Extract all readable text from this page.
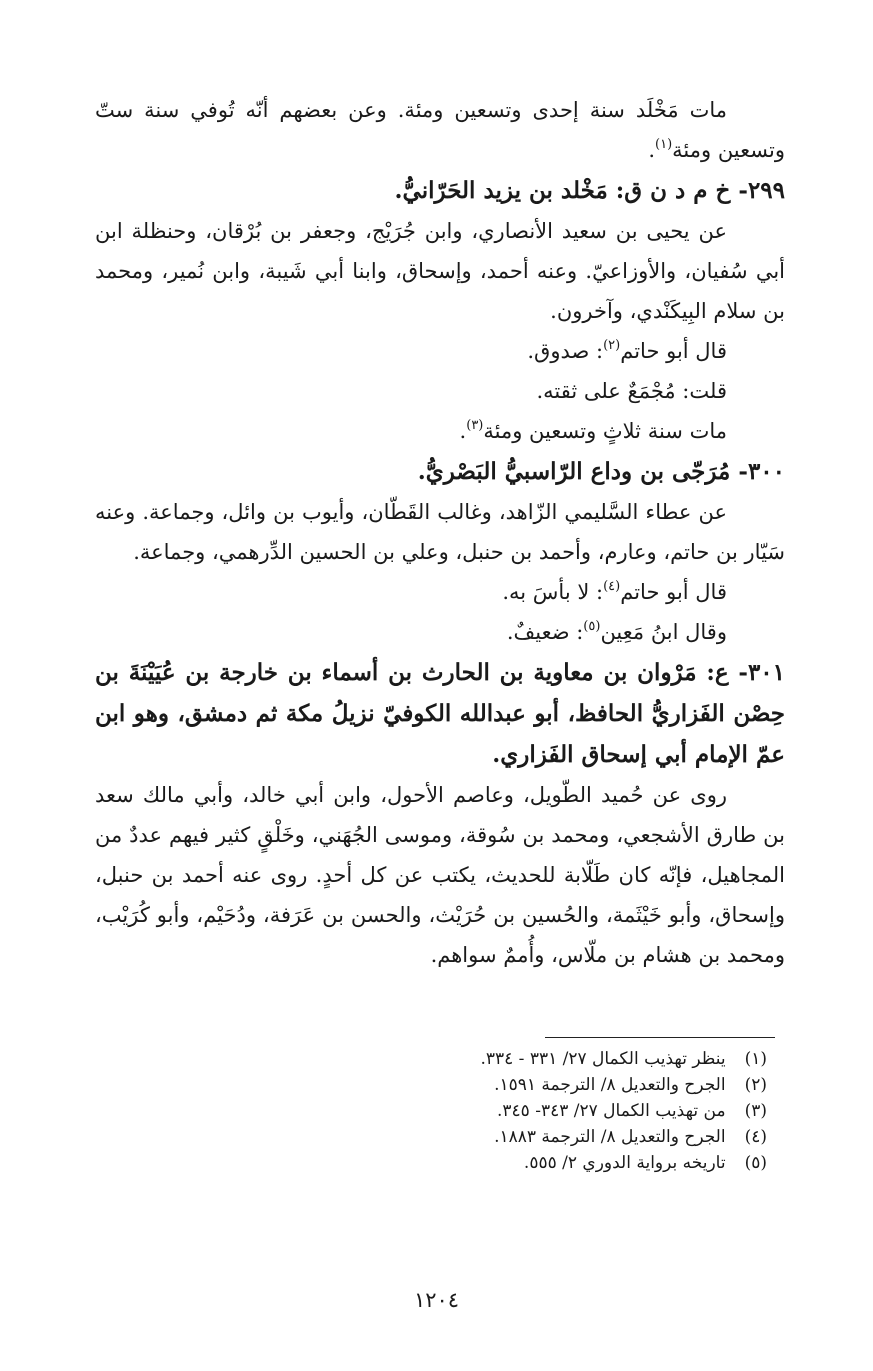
مات مَخْلَد سنة إحدى وتسعين ومئة. وعن بعضهم أنّه تُوفي سنة ستّ وتسعين ومئة$^{(١)}$.

٢٩٩- خ م د ن ق: مَخْلد بن يزيد الحَرّانيُّ.

عن يحيى بن سعيد الأنصاري، وابن جُرَيْج، وجعفر بن بُرْقان، وحنظلة ابن أبي سُفيان، والأوزاعيّ. وعنه أحمد، وإسحاق، وابنا أبي شَيبة، وابن نُمير، ومحمد بن سلام البِيكَنْدي، وآخرون.

قال أبو حاتم$^{(٢)}$: صدوق.

قلت: مُجْمَعٌ على ثقته.

مات سنة ثلاثٍ وتسعين ومئة$^{(٣)}$.

٣٠٠- مُرَجّى بن وداع الرّاسبيُّ البَصْريُّ.

عن عطاء السَّليمي الزّاهد، وغالب القَطّان، وأيوب بن وائل، وجماعة. وعنه سَيّار بن حاتم، وعارم، وأحمد بن حنبل، وعلي بن الحسين الدِّرهمي، وجماعة.

قال أبو حاتم$^{(٤)}$: لا بأسَ به.

وقال ابنُ مَعِين$^{(٥)}$: ضعيفٌ.

٣٠١- ع: مَرْوان بن معاوية بن الحارث بن أسماء بن خارجة بن عُيَيْنَةَ بن حِصْن الفَزاريُّ الحافظ، أبو عبدالله الكوفيّ نزيلُ مكة ثم دمشق، وهو ابن عمّ الإمام أبي إسحاق الفَزاري.

روى عن حُميد الطّويل، وعاصم الأحول، وابن أبي خالد، وأبي مالك سعد بن طارق الأشجعي، ومحمد بن سُوقة، وموسى الجُهَني، وخَلْقٍ كثير فيهم عددٌ من المجاهيل، فإنّه كان طَلّابة للحديث، يكتب عن كل أحدٍ. روى عنه أحمد بن حنبل، وإسحاق، وأبو خَيْثَمة، والحُسين بن حُرَيْث، والحسن بن عَرَفة، ودُحَيْم، وأبو كُرَيْب، ومحمد بن هشام بن ملّاس، وأُممٌ سواهم.

(١) ينظر تهذيب الكمال ٢٧/ ٣٣١ - ٣٣٤.

(٢) الجرح والتعديل ٨/ الترجمة ١٥٩١.

(٣) من تهذيب الكمال ٢٧/ ٣٤٣- ٣٤٥.

(٤) الجرح والتعديل ٨/ الترجمة ١٨٨٣.

(٥) تاريخه برواية الدوري ٢/ ٥٥٥.

١٢٠٤
